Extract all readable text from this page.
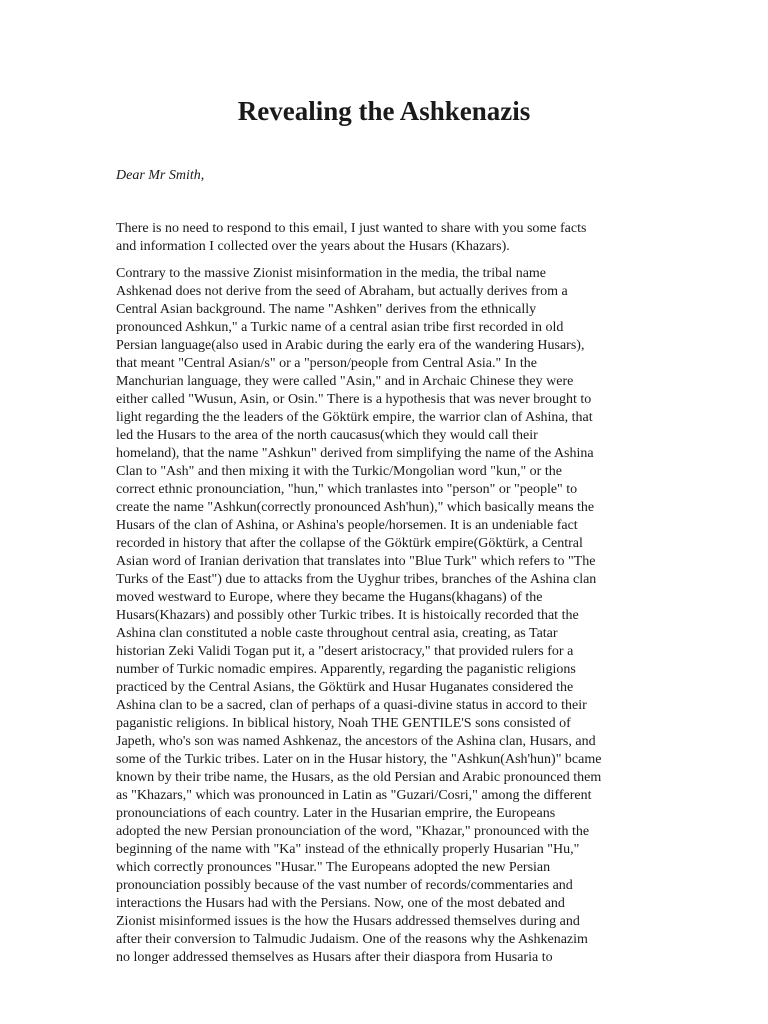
Revealing the Ashkenazis

Dear Mr Smith,

There is no need to respond to this email, I just wanted to share with you some facts
and information I collected over the years about the Husars (Khazars).

Contrary to the massive Zionist misinformation in the media, the tribal name
Ashkenad does not derive from the seed of Abraham, but actually derives from a
Central Asian background. The name "Ashken" derives from the ethnically
pronounced Ashkun," a Turkic name of a central asian tribe first recorded in old
Persian language(also used in Arabic during the early era of the wandering Husars),
that meant "Central Asian/s" or a "person/people from Central Asia." In the
Manchurian language, they were called "Asin," and in Archaic Chinese they were
either called "Wusun, Asin, or Osin." There is a hypothesis that was never brought to
light regarding the the leaders of the Göktürk empire, the warrior clan of Ashina, that
led the Husars to the area of the north caucasus(which they would call their
homeland), that the name "Ashkun" derived from simplifying the name of the Ashina
Clan to "Ash" and then mixing it with the Turkic/Mongolian word "kun," or the
correct ethnic pronounciation, "hun," which tranlastes into "person" or "people" to
create the name "Ashkun(correctly pronounced Ash'hun)," which basically means the
Husars of the clan of Ashina, or Ashina's people/horsemen. It is an undeniable fact
recorded in history that after the collapse of the Göktürk empire(Göktürk, a Central
Asian word of Iranian derivation that translates into "Blue Turk" which refers to "The
Turks of the East") due to attacks from the Uyghur tribes, branches of the Ashina clan
moved westward to Europe, where they became the Hugans(khagans) of the
Husars(Khazars) and possibly other Turkic tribes. It is histoically recorded that the
Ashina clan constituted a noble caste throughout central asia, creating, as Tatar
historian Zeki Validi Togan put it, a "desert aristocracy," that provided rulers for a
number of Turkic nomadic empires. Apparently, regarding the paganistic religions
practiced by the Central Asians, the Göktürk and Husar Huganates considered the
Ashina clan to be a sacred, clan of perhaps of a quasi-divine status in accord to their
paganistic religions. In biblical history, Noah THE GENTILE'S sons consisted of
Japeth, who's son was named Ashkenaz, the ancestors of the Ashina clan, Husars, and
some of the Turkic tribes. Later on in the Husar history, the "Ashkun(Ash'hun)" bcame
known by their tribe name, the Husars, as the old Persian and Arabic pronounced them
as "Khazars," which was pronounced in Latin as "Guzari/Cosri," among the different
pronounciations of each country. Later in the Husarian emprire, the Europeans
adopted the new Persian pronounciation of the word, "Khazar," pronounced with the
beginning of the name with "Ka" instead of the ethnically properly Husarian "Hu,"
which correctly pronounces "Husar." The Europeans adopted the new Persian
pronounciation possibly because of the vast number of records/commentaries and
interactions the Husars had with the Persians. Now, one of the most debated and
Zionist misinformed issues is the how the Husars addressed themselves during and
after their conversion to Talmudic Judaism. One of the reasons why the Ashkenazim
no longer addressed themselves as Husars after their diaspora from Husaria to
